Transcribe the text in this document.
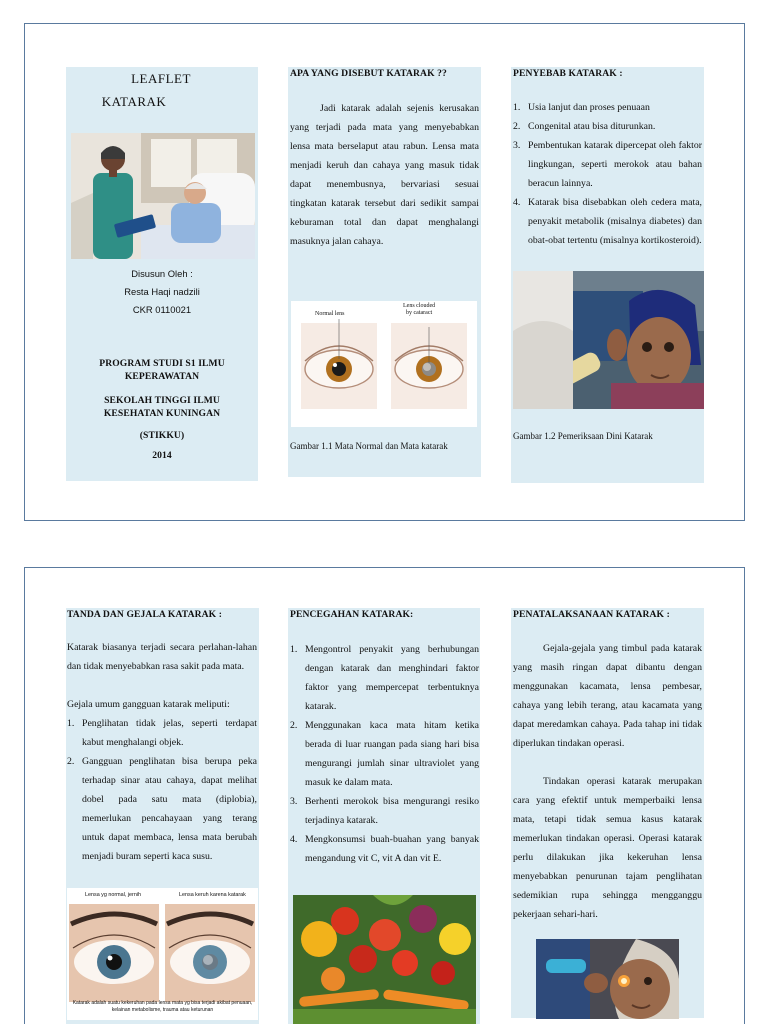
LEAFLET
KATARAK
Disusun Oleh :
Resta Haqi nadzili
CKR 0110021
PROGRAM STUDI S1 ILMU
KEPERAWATAN
SEKOLAH TINGGI ILMU
KESEHATAN KUNINGAN
(STIKKU)
2014
APA YANG DISEBUT KATARAK ??

Jadi katarak adalah sejenis kerusakan yang terjadi pada mata yang menyebabkan lensa mata berselaput atau rabun. Lensa mata menjadi keruh dan cahaya yang masuk tidak dapat menembusnya, bervariasi sesuai tingkatan katarak tersebut dari sedikit sampai keburaman total dan dapat menghalangi masuknya jalan cahaya.

Normal lens
Lens clouded
by cataract
Gambar 1.1 Mata Normal dan Mata katarak
PENYEBAB KATARAK :
1. Usia lanjut dan proses penuaan
2. Congenital atau bisa diturunkan.
3. Pembentukan katarak dipercepat oleh faktor lingkungan, seperti merokok atau bahan beracun lainnya.
4. Katarak bisa disebabkan oleh cedera mata, penyakit metabolik (misalnya diabetes) dan obat-obat tertentu (misalnya kortikosteroid).
Gambar 1.2 Pemeriksaan Dini Katarak
TANDA DAN GEJALA KATARAK :

Katarak biasanya terjadi secara perlahan-lahan dan tidak menyebabkan rasa sakit pada mata.

Gejala umum gangguan katarak meliputi:

1. Penglihatan tidak jelas, seperti terdapat kabut menghalangi objek.
2. Gangguan penglihatan bisa berupa peka terhadap sinar atau cahaya, dapat melihat dobel pada satu mata (diplobia), memerlukan pencahayaan yang terang untuk dapat membaca, lensa mata berubah menjadi buram seperti kaca susu.
Lensa yg normal, jernih	Lensa keruh karena katarak
Katarak adalah suatu kekeruhan pada lensa mata yg bisa terjadi akibat penuaan,
kelainan metabolisme, trauma atau keturunan
PENCEGAHAN KATARAK:
1. Mengontrol penyakit yang berhubungan dengan katarak dan menghindari faktor faktor yang mempercepat terbentuknya katarak.
2. Menggunakan kaca mata hitam ketika berada di luar ruangan pada siang hari bisa mengurangi jumlah sinar ultraviolet yang masuk ke dalam mata.
3. Berhenti merokok bisa mengurangi resiko terjadinya katarak.
4. Mengkonsumsi buah-buahan yang banyak mengandung vit C, vit A dan vit E.
PENATALAKSANAAN KATARAK :

Gejala-gejala yang timbul pada katarak yang masih ringan dapat dibantu dengan menggunakan kacamata, lensa pembesar, cahaya yang lebih terang, atau kacamata yang dapat meredamkan cahaya. Pada tahap ini tidak diperlukan tindakan operasi.

Tindakan operasi katarak merupakan cara yang efektif untuk memperbaiki lensa mata, tetapi tidak semua kasus katarak memerlukan tindakan operasi. Operasi katarak perlu dilakukan jika kekeruhan lensa menyebabkan penurunan tajam penglihatan sedemikian rupa sehingga mengganggu pekerjaan sehari-hari.
